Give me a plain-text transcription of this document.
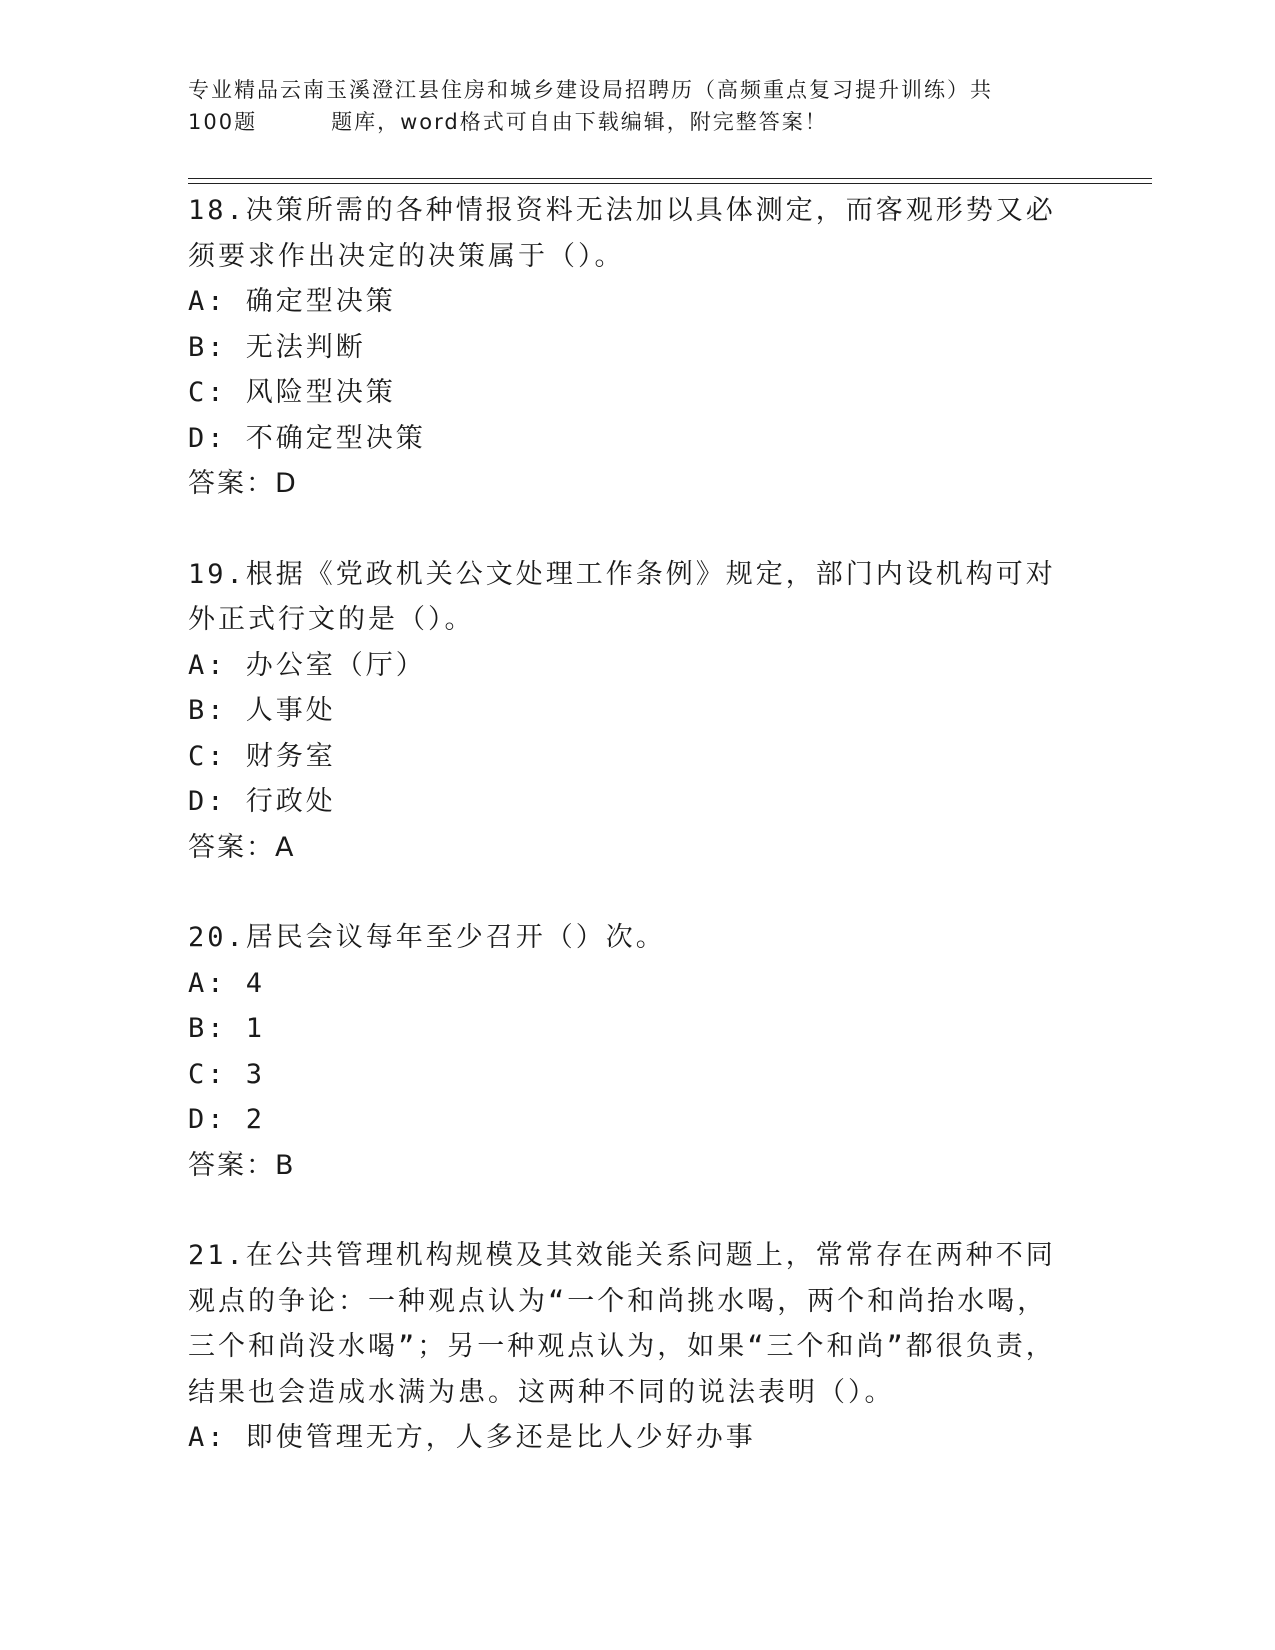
专业精品云南玉溪澄江县住房和城乡建设局招聘历（高频重点复习提升训练）共
100题	题库，word格式可自由下载编辑，附完整答案！

18.决策所需的各种情报资料无法加以具体测定，而客观形势又必须要求作出决定的决策属于（）。

A: 确定型决策

B: 无法判断

C: 风险型决策

D: 不确定型决策

答案：D

19.根据《党政机关公文处理工作条例》规定，部门内设机构可对外正式行文的是（）。

A: 办公室（厅）

B: 人事处

C: 财务室

D: 行政处

答案：A

20.居民会议每年至少召开（）次。

A: 4

B: 1

C: 3

D: 2

答案：B

21.在公共管理机构规模及其效能关系问题上，常常存在两种不同观点的争论：一种观点认为“一个和尚挑水喝，两个和尚抬水喝，三个和尚没水喝”；另一种观点认为，如果“三个和尚”都很负责，结果也会造成水满为患。这两种不同的说法表明（）。

A: 即使管理无方，人多还是比人少好办事
